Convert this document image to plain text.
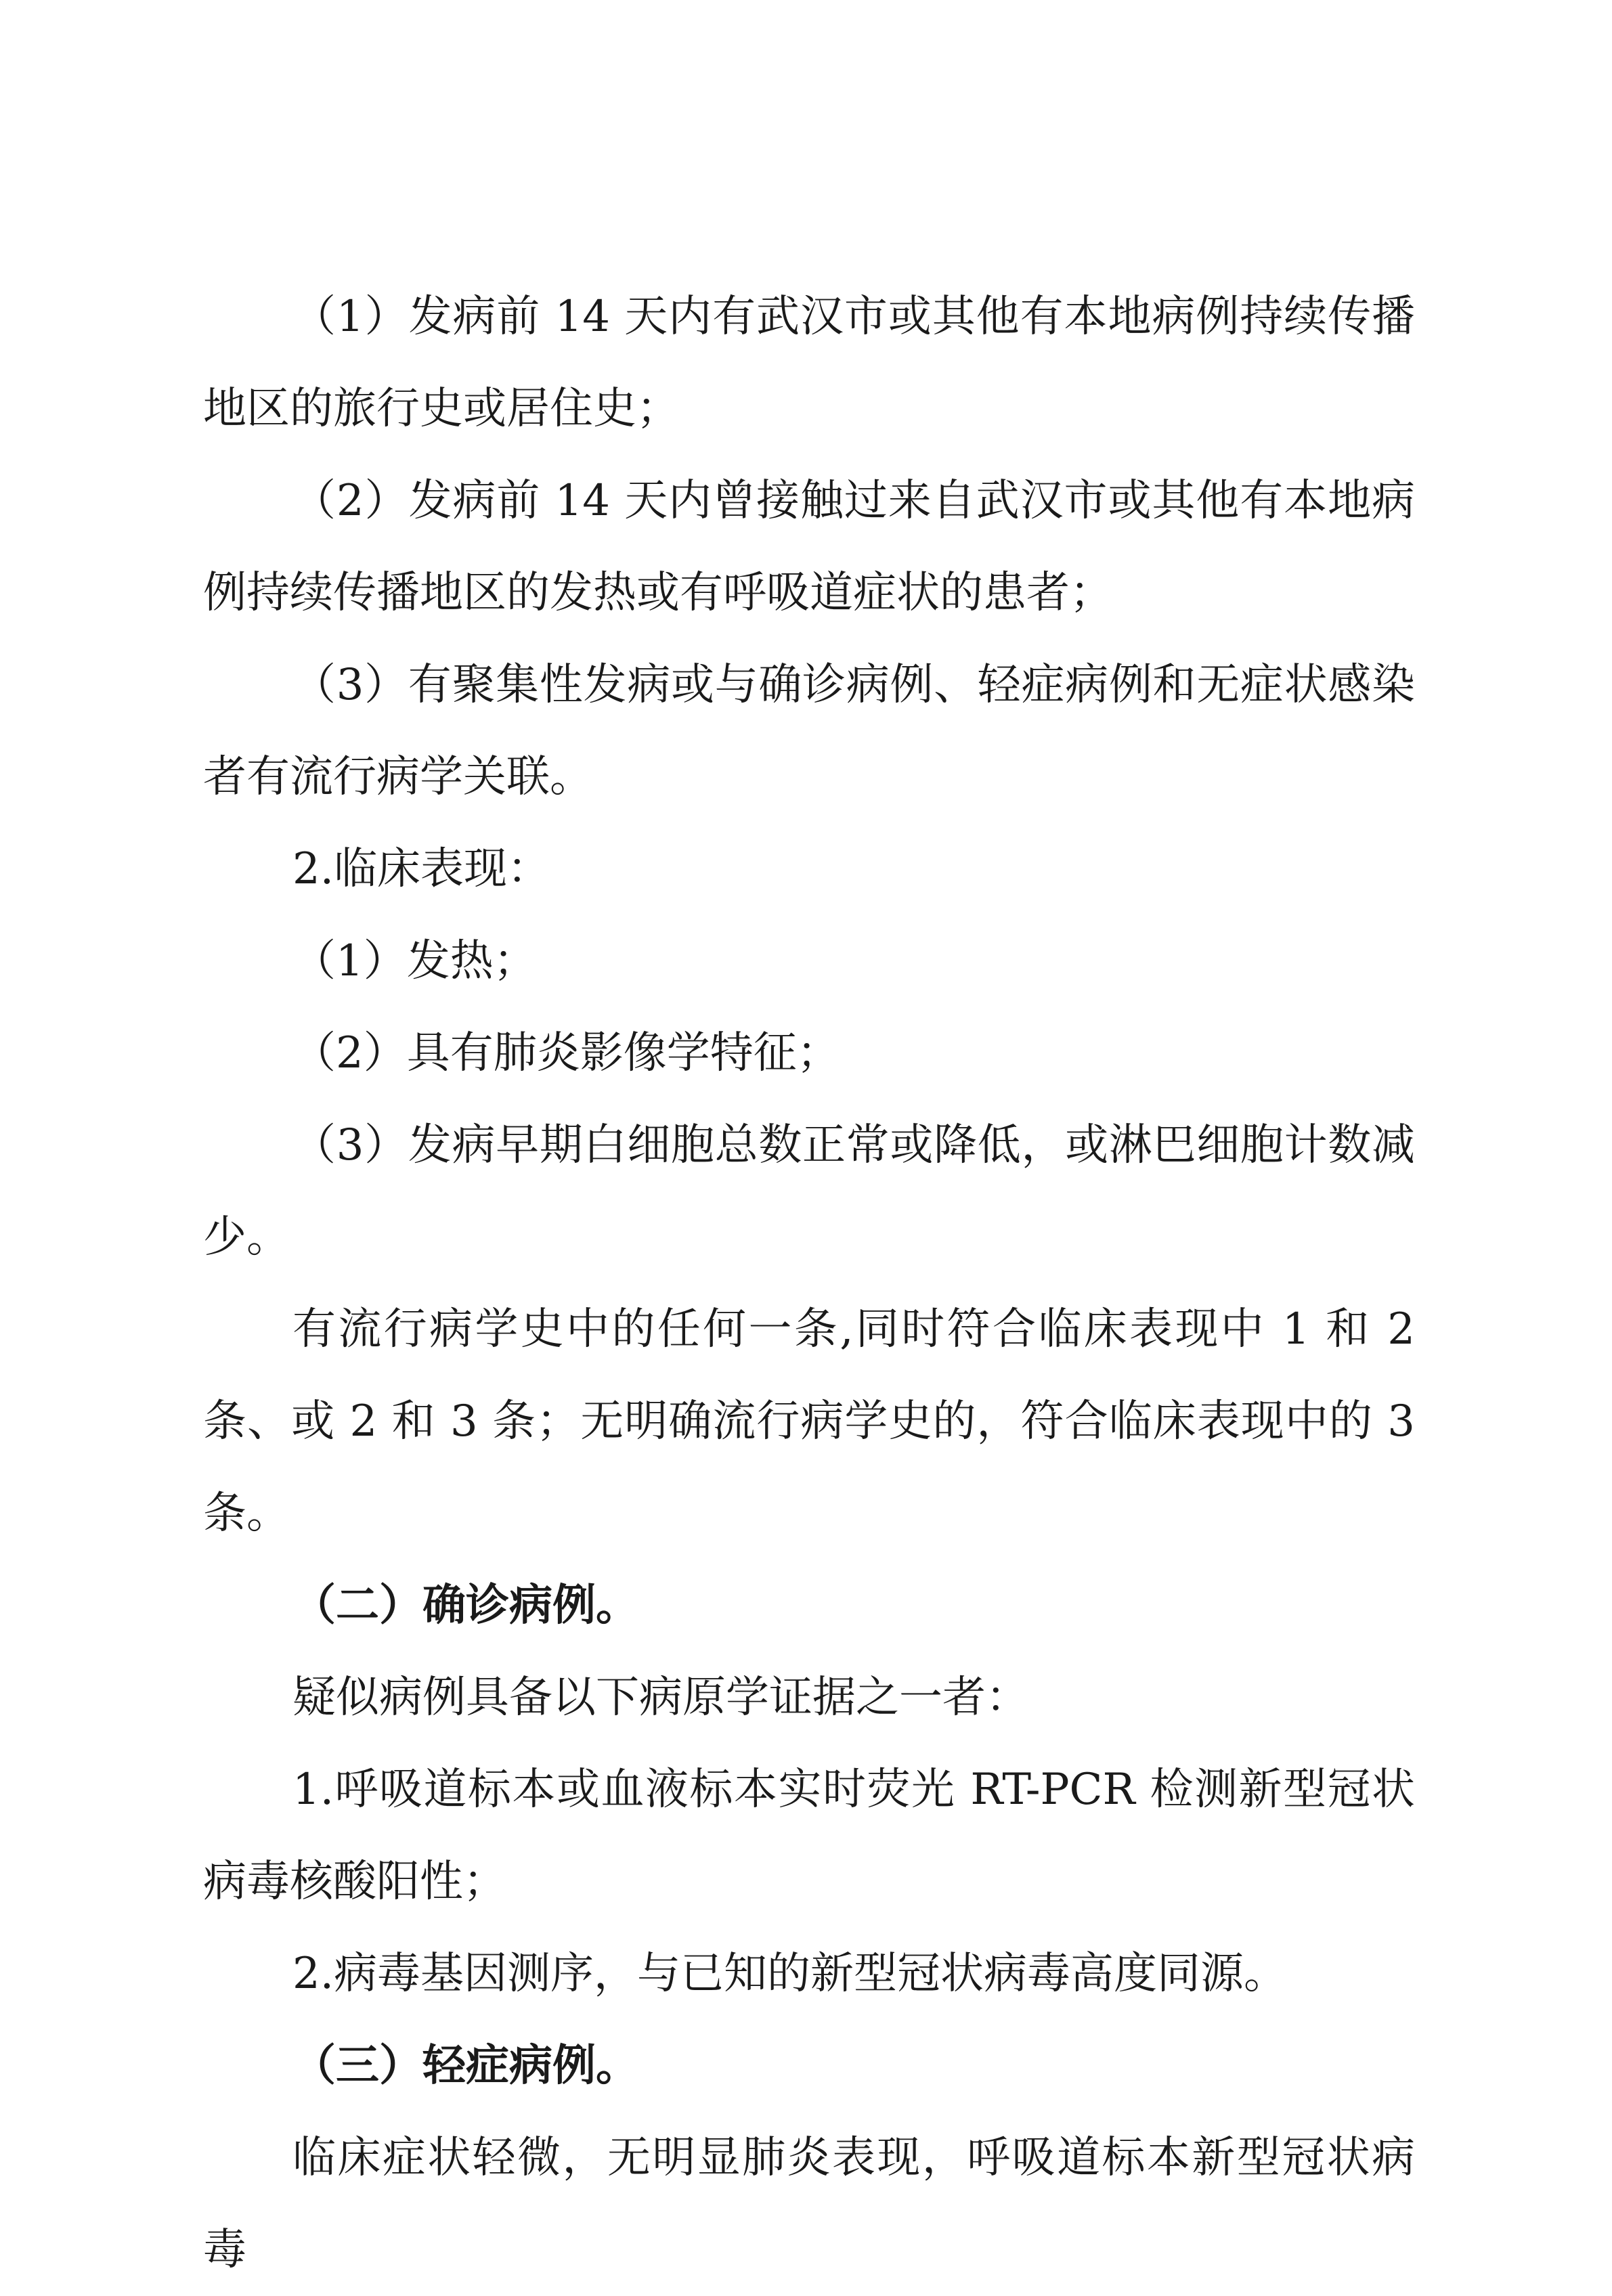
（1）发病前 14 天内有武汉市或其他有本地病例持续传播地区的旅行史或居住史；

（2）发病前 14 天内曾接触过来自武汉市或其他有本地病例持续传播地区的发热或有呼吸道症状的患者；

（3）有聚集性发病或与确诊病例、轻症病例和无症状感染者有流行病学关联。

2.临床表现：

（1）发热；

（2）具有肺炎影像学特征；

（3）发病早期白细胞总数正常或降低，或淋巴细胞计数减少。

有流行病学史中的任何一条,同时符合临床表现中 1 和 2 条、或 2 和 3 条；无明确流行病学史的，符合临床表现中的 3 条。

（二）确诊病例。

疑似病例具备以下病原学证据之一者：

1.呼吸道标本或血液标本实时荧光 RT-PCR 检测新型冠状病毒核酸阳性；

2.病毒基因测序，与已知的新型冠状病毒高度同源。

（三）轻症病例。

临床症状轻微，无明显肺炎表现，呼吸道标本新型冠状病毒
